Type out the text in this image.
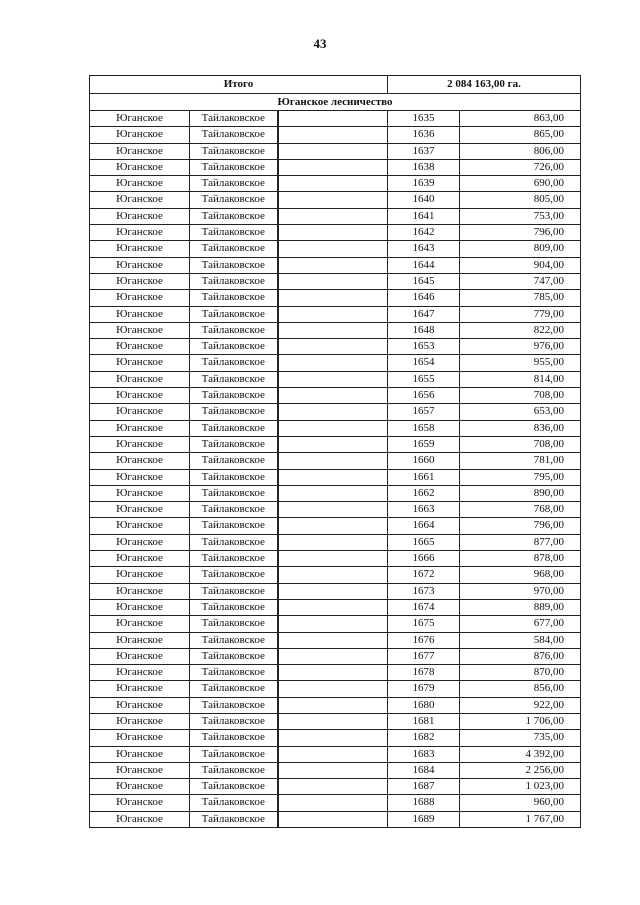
43
Итого			2 084 163,00 га.	
Юганское лесничество				
Юганское	Тайлаковское		1635	863,00
Юганское	Тайлаковское		1636	865,00
Юганское	Тайлаковское		1637	806,00
Юганское	Тайлаковское		1638	726,00
Юганское	Тайлаковское		1639	690,00
Юганское	Тайлаковское		1640	805,00
Юганское	Тайлаковское		1641	753,00
Юганское	Тайлаковское		1642	796,00
Юганское	Тайлаковское		1643	809,00
Юганское	Тайлаковское		1644	904,00
Юганское	Тайлаковское		1645	747,00
Юганское	Тайлаковское		1646	785,00
Юганское	Тайлаковское		1647	779,00
Юганское	Тайлаковское		1648	822,00
Юганское	Тайлаковское		1653	976,00
Юганское	Тайлаковское		1654	955,00
Юганское	Тайлаковское		1655	814,00
Юганское	Тайлаковское		1656	708,00
Юганское	Тайлаковское		1657	653,00
Юганское	Тайлаковское		1658	836,00
Юганское	Тайлаковское		1659	708,00
Юганское	Тайлаковское		1660	781,00
Юганское	Тайлаковское		1661	795,00
Юганское	Тайлаковское		1662	890,00
Юганское	Тайлаковское		1663	768,00
Юганское	Тайлаковское		1664	796,00
Юганское	Тайлаковское		1665	877,00
Юганское	Тайлаковское		1666	878,00
Юганское	Тайлаковское		1672	968,00
Юганское	Тайлаковское		1673	970,00
Юганское	Тайлаковское		1674	889,00
Юганское	Тайлаковское		1675	677,00
Юганское	Тайлаковское		1676	584,00
Юганское	Тайлаковское		1677	876,00
Юганское	Тайлаковское		1678	870,00
Юганское	Тайлаковское		1679	856,00
Юганское	Тайлаковское		1680	922,00
Юганское	Тайлаковское		1681	1 706,00
Юганское	Тайлаковское		1682	735,00
Юганское	Тайлаковское		1683	4 392,00
Юганское	Тайлаковское		1684	2 256,00
Юганское	Тайлаковское		1687	1 023,00
Юганское	Тайлаковское		1688	960,00
Юганское	Тайлаковское		1689	1 767,00
